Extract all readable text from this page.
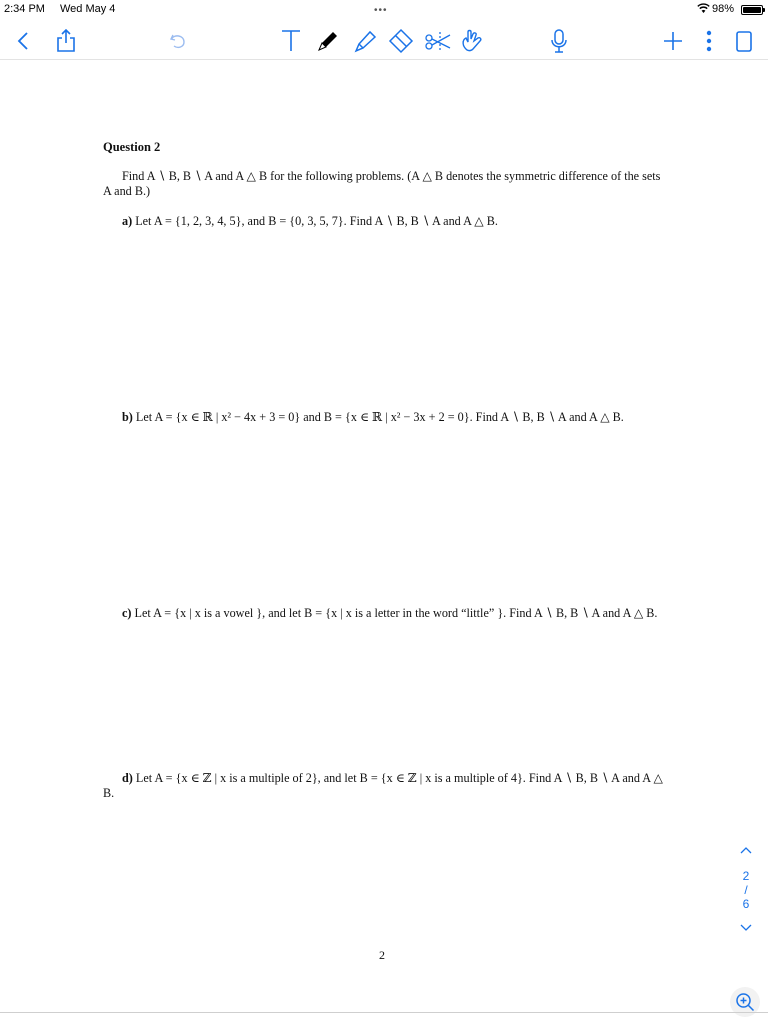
2:34 PM Wed May 4	•••	98%
Question 2
Find A ∖ B, B ∖ A and A △ B for the following problems. (A △ B denotes the symmetric difference of the sets A and B.)
a) Let A = {1, 2, 3, 4, 5}, and B = {0, 3, 5, 7}. Find A ∖ B, B ∖ A and A △ B.
b) Let A = {x ∈ ℝ | x² − 4x + 3 = 0} and B = {x ∈ ℝ | x² − 3x + 2 = 0}. Find A ∖ B, B ∖ A and A △ B.
c) Let A = {x | x is a vowel }, and let B = {x | x is a letter in the word “little” }. Find A ∖ B, B ∖ A and A △ B.
d) Let A = {x ∈ ℤ | x is a multiple of 2}, and let B = {x ∈ ℤ | x is a multiple of 4}. Find A ∖ B, B ∖ A and A △ B.
2
2
/
6
